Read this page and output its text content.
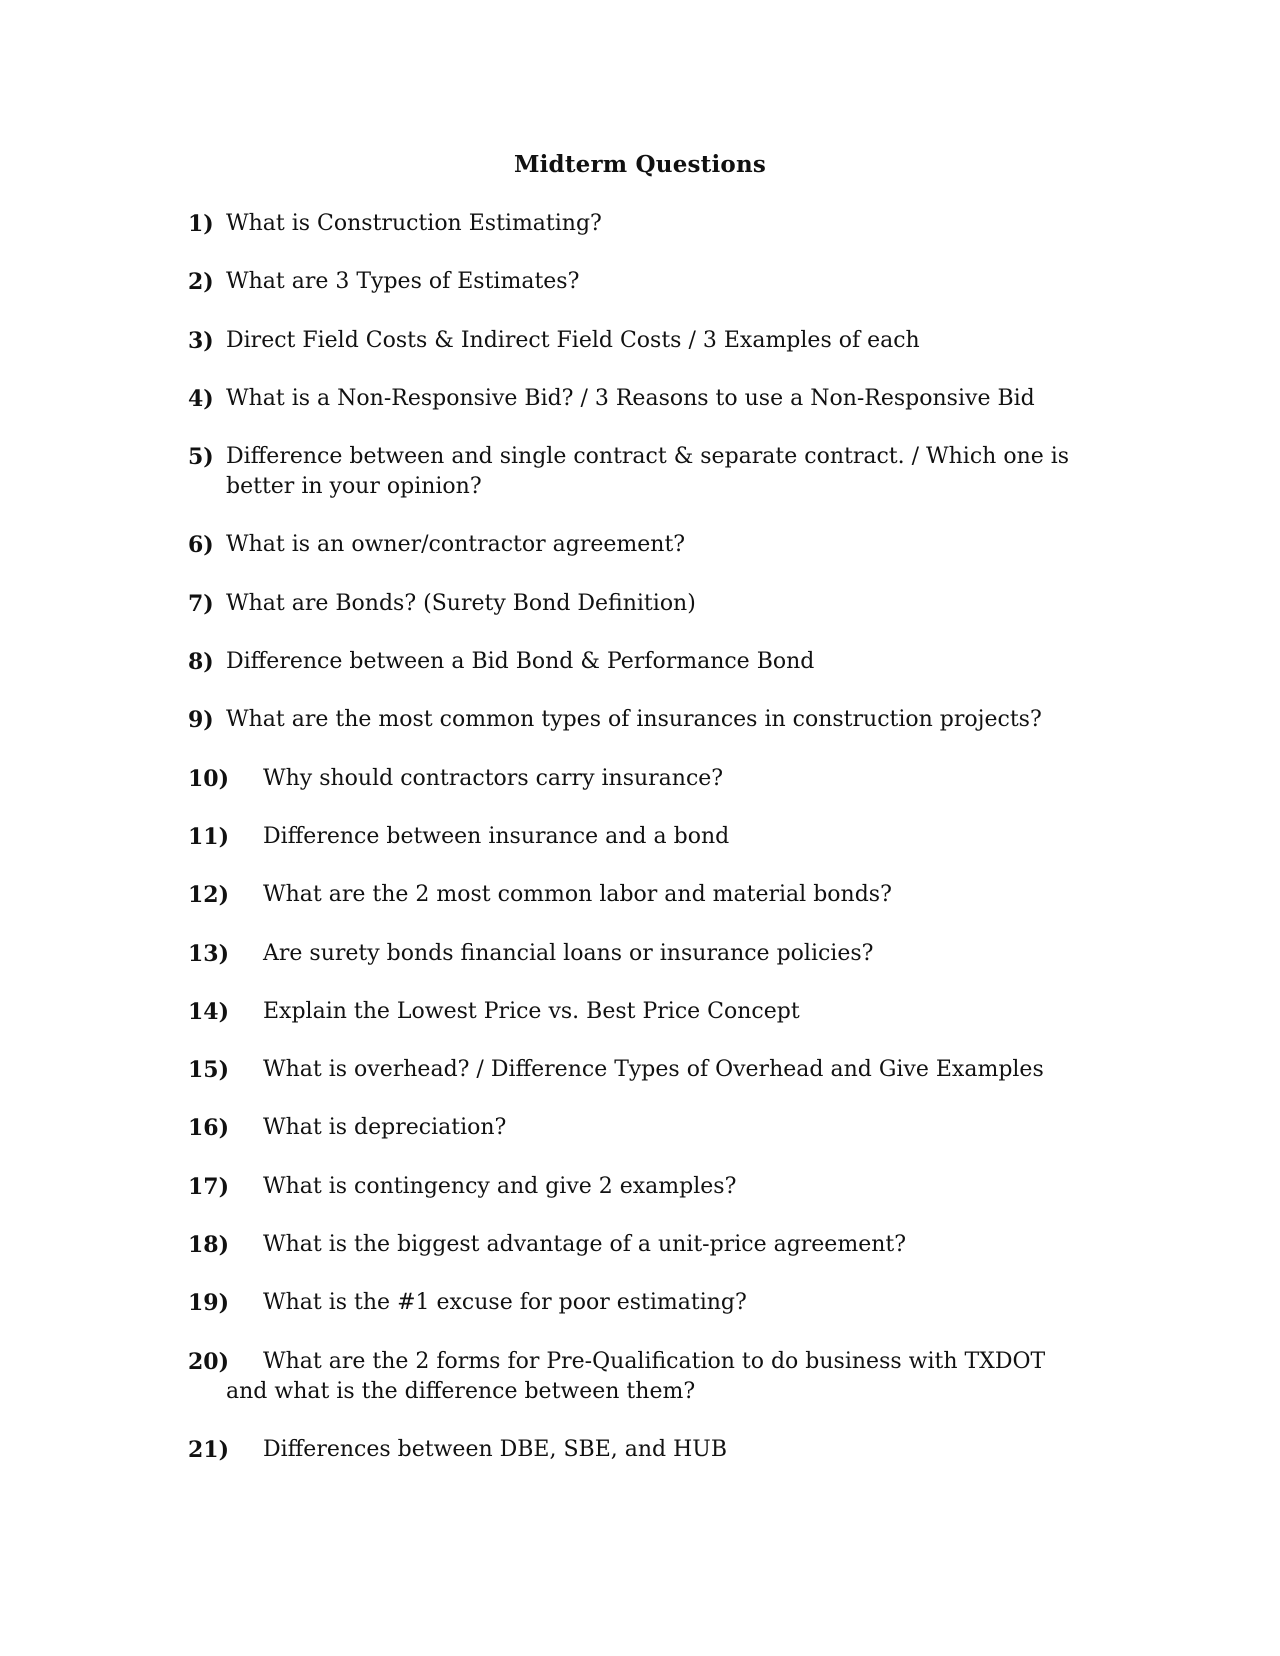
Midterm Questions
1) What is Construction Estimating?
2) What are 3 Types of Estimates?
3) Direct Field Costs & Indirect Field Costs / 3 Examples of each
4) What is a Non-Responsive Bid? / 3 Reasons to use a Non-Responsive Bid
5) Difference between and single contract & separate contract. / Which one is better in your opinion?
6) What is an owner/contractor agreement?
7) What are Bonds? (Surety Bond Definition)
8) Difference between a Bid Bond & Performance Bond
9) What are the most common types of insurances in construction projects?
10)	Why should contractors carry insurance?
11)	Difference between insurance and a bond
12)	What are the 2 most common labor and material bonds?
13)	Are surety bonds financial loans or insurance policies?
14)	Explain the Lowest Price vs. Best Price Concept
15)	What is overhead? / Difference Types of Overhead and Give Examples
16)	What is depreciation?
17)	What is contingency and give 2 examples?
18)	What is the biggest advantage of a unit-price agreement?
19)	What is the #1 excuse for poor estimating?
20)	What are the 2 forms for Pre-Qualification to do business with TXDOT and what is the difference between them?
21)	Differences between DBE, SBE, and HUB
